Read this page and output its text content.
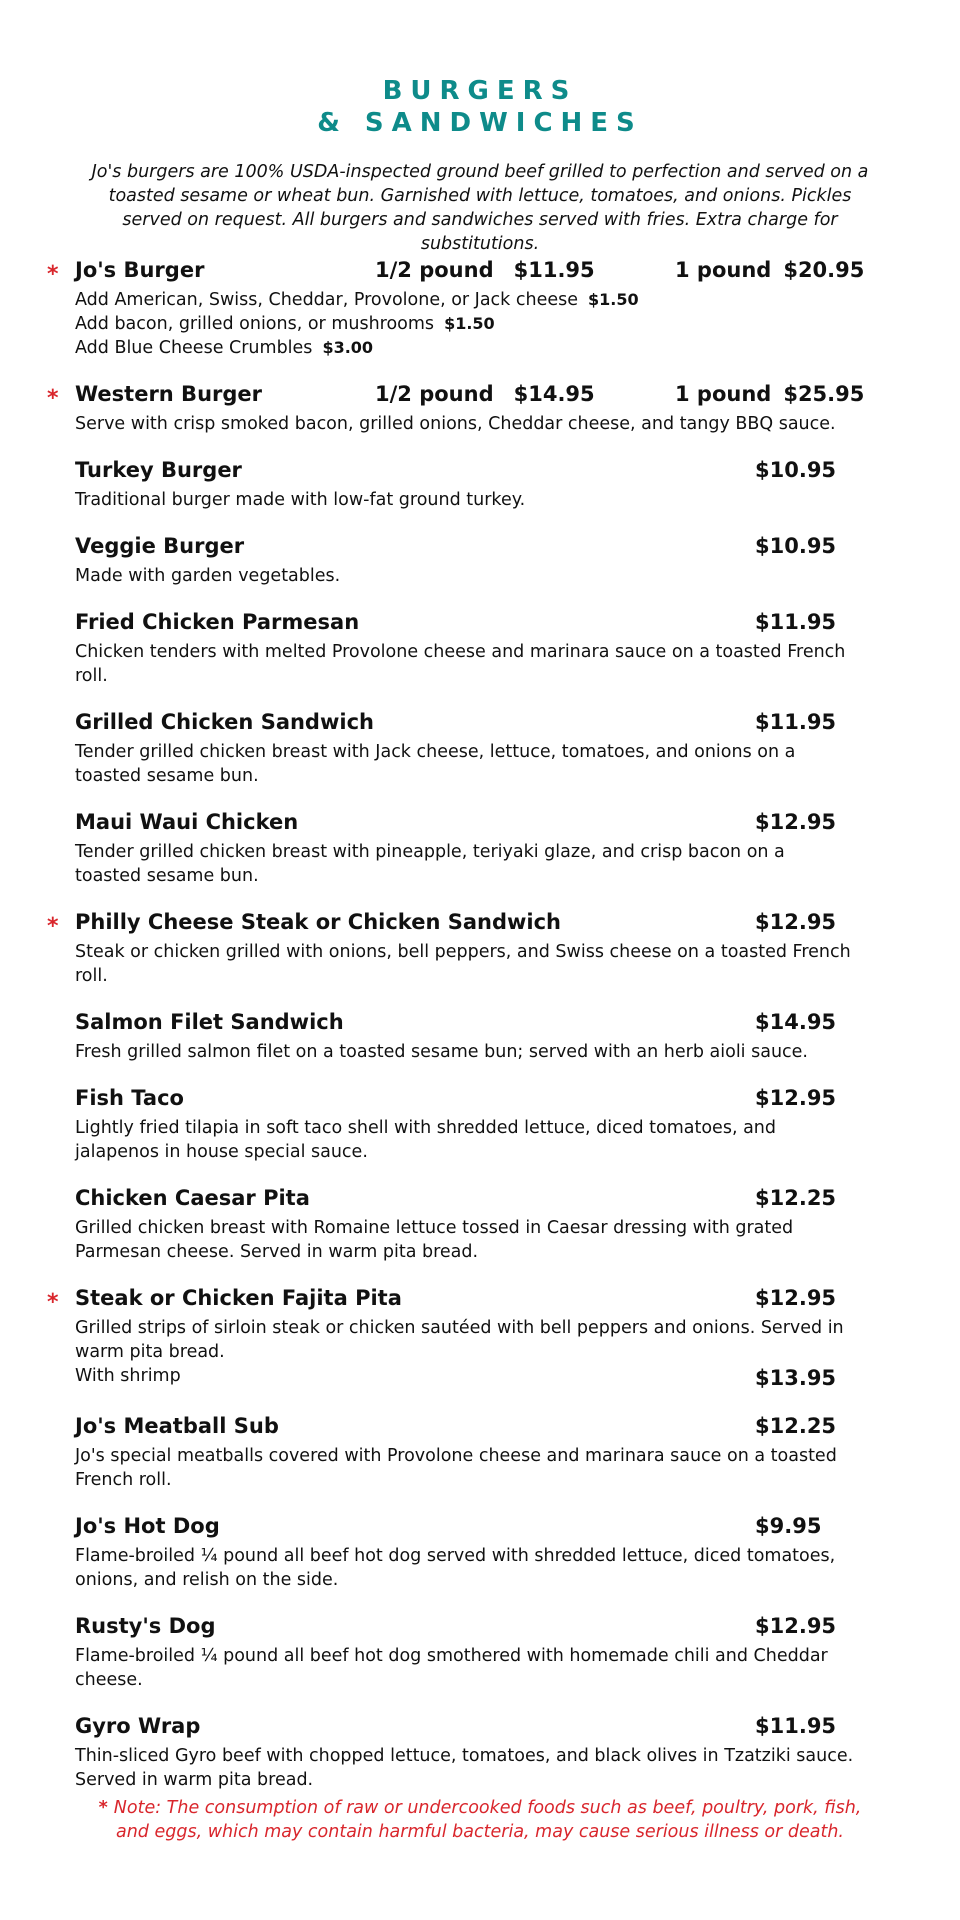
BURGERS
& SANDWICHES
Jo's burgers are 100% USDA-inspected ground beef grilled to perfection and served on a toasted sesame or wheat bun. Garnished with lettuce, tomatoes, and onions. Pickles served on request. All burgers and sandwiches served with fries. Extra charge for substitutions.
* Jo's Burger	1/2 pound $11.95	1 pound $20.95
Add American, Swiss, Cheddar, Provolone, or Jack cheese $1.50
Add bacon, grilled onions, or mushrooms $1.50
Add Blue Cheese Crumbles $3.00
* Western Burger	1/2 pound $14.95	1 pound $25.95
Serve with crisp smoked bacon, grilled onions, Cheddar cheese, and tangy BBQ sauce.
Turkey Burger	$10.95
Traditional burger made with low-fat ground turkey.
Veggie Burger	$10.95
Made with garden vegetables.
Fried Chicken Parmesan	$11.95
Chicken tenders with melted Provolone cheese and marinara sauce on a toasted French roll.
Grilled Chicken Sandwich	$11.95
Tender grilled chicken breast with Jack cheese, lettuce, tomatoes, and onions on a toasted sesame bun.
Maui Waui Chicken	$12.95
Tender grilled chicken breast with pineapple, teriyaki glaze, and crisp bacon on a toasted sesame bun.
* Philly Cheese Steak or Chicken Sandwich	$12.95
Steak or chicken grilled with onions, bell peppers, and Swiss cheese on a toasted French roll.
Salmon Filet Sandwich	$14.95
Fresh grilled salmon filet on a toasted sesame bun; served with an herb aioli sauce.
Fish Taco	$12.95
Lightly fried tilapia in soft taco shell with shredded lettuce, diced tomatoes, and jalapenos in house special sauce.
Chicken Caesar Pita	$12.25
Grilled chicken breast with Romaine lettuce tossed in Caesar dressing with grated Parmesan cheese. Served in warm pita bread.
* Steak or Chicken Fajita Pita	$12.95
Grilled strips of sirloin steak or chicken sautéed with bell peppers and onions. Served in warm pita bread.
With shrimp	$13.95
Jo's Meatball Sub	$12.25
Jo's special meatballs covered with Provolone cheese and marinara sauce on a toasted French roll.
Jo's Hot Dog	$9.95
Flame-broiled ¼ pound all beef hot dog served with shredded lettuce, diced tomatoes, onions, and relish on the side.
Rusty's Dog	$12.95
Flame-broiled ¼ pound all beef hot dog smothered with homemade chili and Cheddar cheese.
Gyro Wrap	$11.95
Thin-sliced Gyro beef with chopped lettuce, tomatoes, and black olives in Tzatziki sauce. Served in warm pita bread.
* Note: The consumption of raw or undercooked foods such as beef, poultry, pork, fish, and eggs, which may contain harmful bacteria, may cause serious illness or death.
